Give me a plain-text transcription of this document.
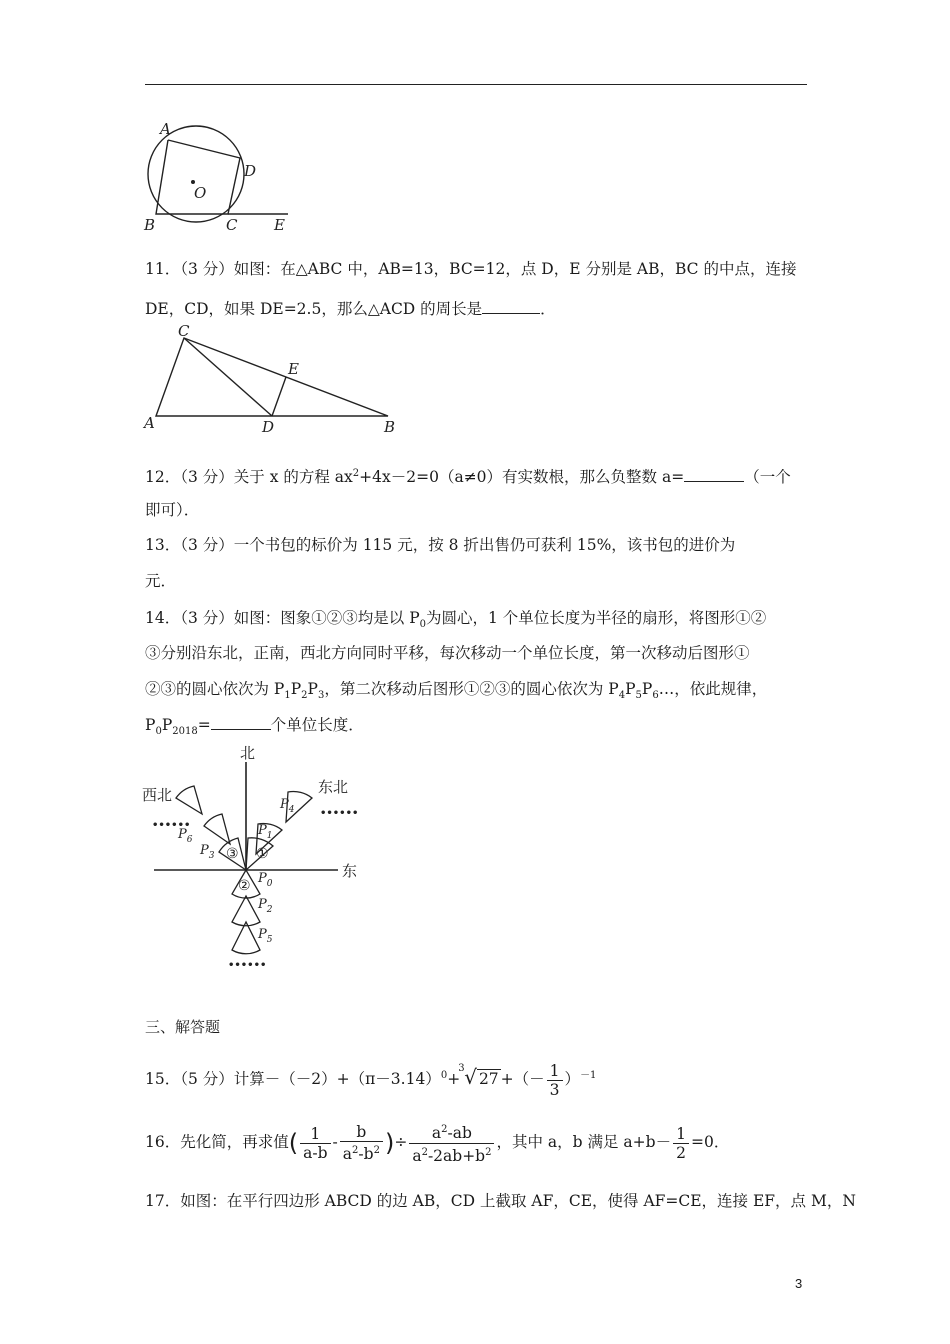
A
D
O
B	C E
11．（3 分）如图：在△ABC 中，AB=13，BC=12，点 D，E 分别是 AB，BC 的中点，连接
DE，CD，如果 DE=2.5，那么△ACD 的周长是	．
C
E
A	D	B
12．（3 分）关于 x 的方程 $ax^2+4x-2=0(a\ne 0)$有实数根，那么负整数 a=	（一个
即可）．
13．（3 分）一个书包的标价为 115 元，按 8 折出售仍可获利 15%，该书包的进价为
元．
14．（3 分）如图：图象①②③均是以 $P_0$为圆心，1 个单位长度为半径的扇形，将图形①②
③分别沿东北，正南，西北方向同时平移，每次移动一个单位长度，第一次移动后图形①
②③的圆心依次为 $P_1P_2P_3$，第二次移动后图形①②③的圆心依次为 $P_4P_5P_6\dots$，依此规律，
$P_0P_{2018}=$	个单位长度．
北
东
东北
西北
①
③
②
$P_1$
$P_4$
$P_3$
$P_6$
$P_0$
$P_2$
$P_5$
••••••
••••••
••••••
三、解答题
15．（5 分）计算$-(-2)+(\pi-3.14)^0+$
3 √ 27 +（－ $\frac{1}{3} )^{-1}$
16．先化简，再求值( $\frac{1}{a-b} - \frac{b}{a^2-b^2}$ )÷ $\frac{a^2-ab}{a^2-2ab+b^2}$ ，其中 a，b 满足 $a+b- \frac{1}{2} =0$．
17．如图：在平行四边形 ABCD 的边 AB，CD 上截取 AF，CE，使得 AF=CE，连接 EF，点 M，N
3
